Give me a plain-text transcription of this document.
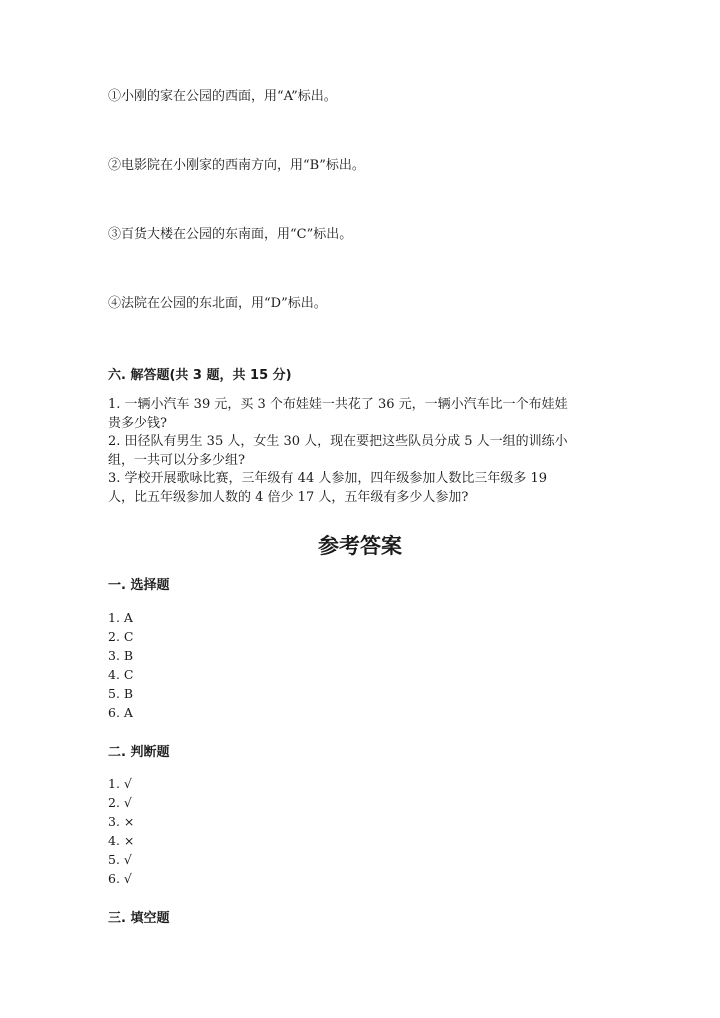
①小刚的家在公园的西面，用“A”标出。
②电影院在小刚家的西南方向，用“B”标出。
③百货大楼在公园的东南面，用“C”标出。
④法院在公园的东北面，用“D”标出。
六. 解答题(共 3 题，共 15 分)

1. 一辆小汽车 39 元，买 3 个布娃娃一共花了 36 元，一辆小汽车比一个布娃娃

贵多少钱?

2. 田径队有男生 35 人，女生 30 人，现在要把这些队员分成 5 人一组的训练小

组，一共可以分多少组?

3. 学校开展歌咏比赛，三年级有 44 人参加，四年级参加人数比三年级多 19

人，比五年级参加人数的 4 倍少 17 人，五年级有多少人参加?

参考答案
一. 选择题
1. A
2. C
3. B
4. C
5. B
6. A
二. 判断题
1. √
2. √
3. ×
4. ×
5. √
6. √
三. 填空题
